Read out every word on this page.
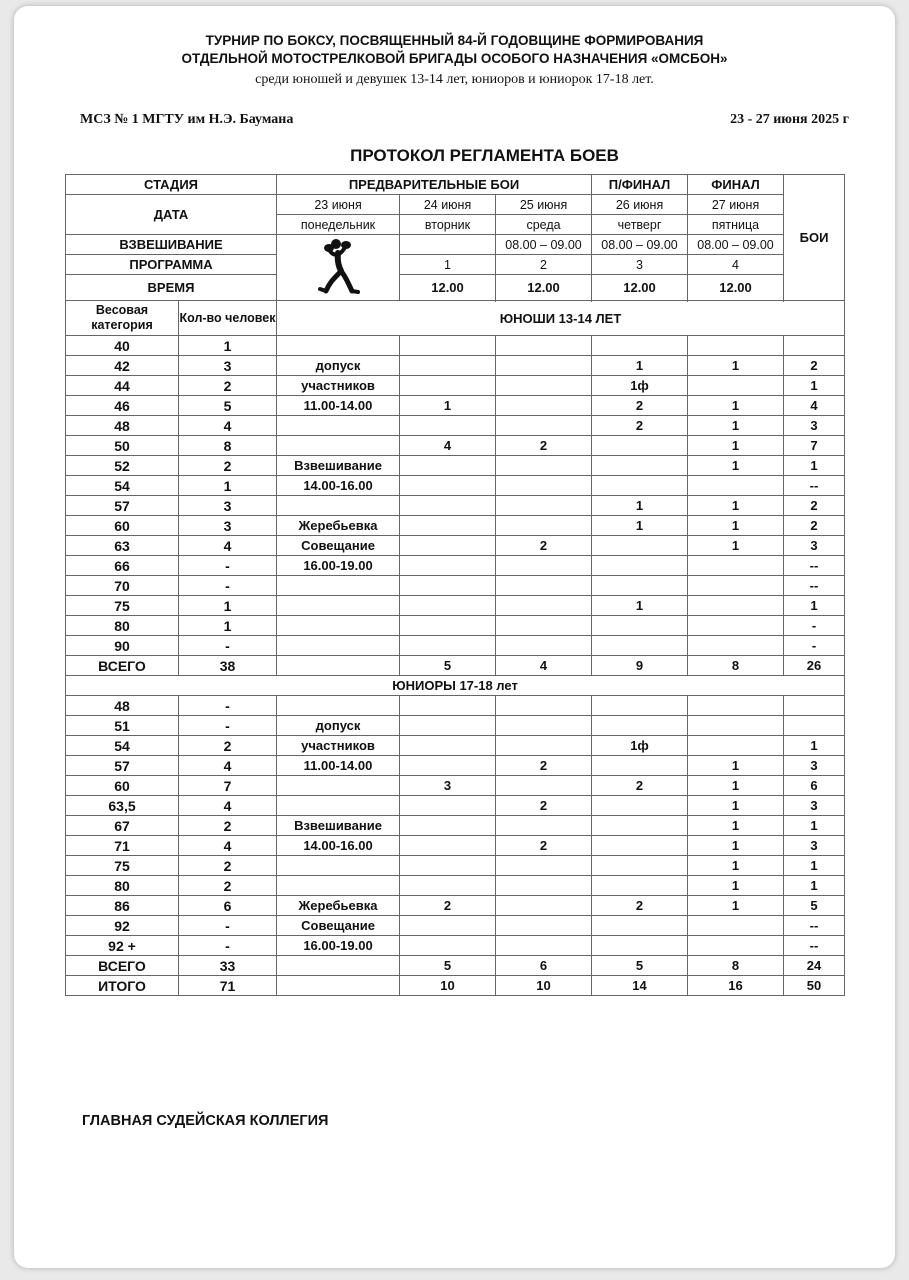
ТУРНИР ПО БОКСУ, ПОСВЯЩЕННЫЙ 84-Й ГОДОВЩИНЕ ФОРМИРОВАНИЯ
ОТДЕЛЬНОЙ МОТОСТРЕЛКОВОЙ БРИГАДЫ ОСОБОГО НАЗНАЧЕНИЯ «ОМСБОН»
среди юношей и девушек 13-14 лет, юниоров и юниорок 17-18 лет.
МСЗ № 1 МГТУ им Н.Э. Баумана	23 - 27 июня 2025 г
ПРОТОКОЛ РЕГЛАМЕНТА БОЕВ
СТАДИЯ		ПРЕДВАРИТЕЛЬНЫЕ БОИ			П/ФИНАЛ	ФИНАЛ	БОИ
ДАТА		23 июня	24 июня	25 июня	26 июня	27 июня	
		понедельник	вторник	среда	четверг	пятница	
ВЗВЕШИВАНИЕ				08.00 – 09.00	08.00 – 09.00	08.00 – 09.00	
ПРОГРАММА			1	2	3	4	
ВРЕМЯ			12.00	12.00	12.00	12.00	
Весовая категория	Кол-во человек						
		ЮНОШИ 13-14 ЛЕТ					
40	1						
42	3	допуск			1	1	2
44	2	участников			1ф		1
46	5	11.00-14.00	1		2	1	4
48	4				2	1	3
50	8		4	2		1	7
52	2	Взвешивание				1	1
54	1	14.00-16.00					--
57	3				1	1	2
60	3	Жеребьевка			1	1	2
63	4	Совещание		2		1	3
66	-	16.00-19.00					--
70	-						--
75	1				1		1
80	1						-
90	-						-
ВСЕГО	38		5	4	9	8	26
ЮНИОРЫ 17-18 лет							
48	-						
51	-	допуск					
54	2	участников			1ф		1
57	4	11.00-14.00		2		1	3
60	7		3		2	1	6
63,5	4			2		1	3
67	2	Взвешивание				1	1
71	4	14.00-16.00		2		1	3
75	2					1	1
80	2					1	1
86	6	Жеребьевка	2		2	1	5
92	-	Совещание					--
92 +	-	16.00-19.00					--
ВСЕГО	33		5	6	5	8	24
ИТОГО	71		10	10	14	16	50
ГЛАВНАЯ СУДЕЙСКАЯ КОЛЛЕГИЯ
